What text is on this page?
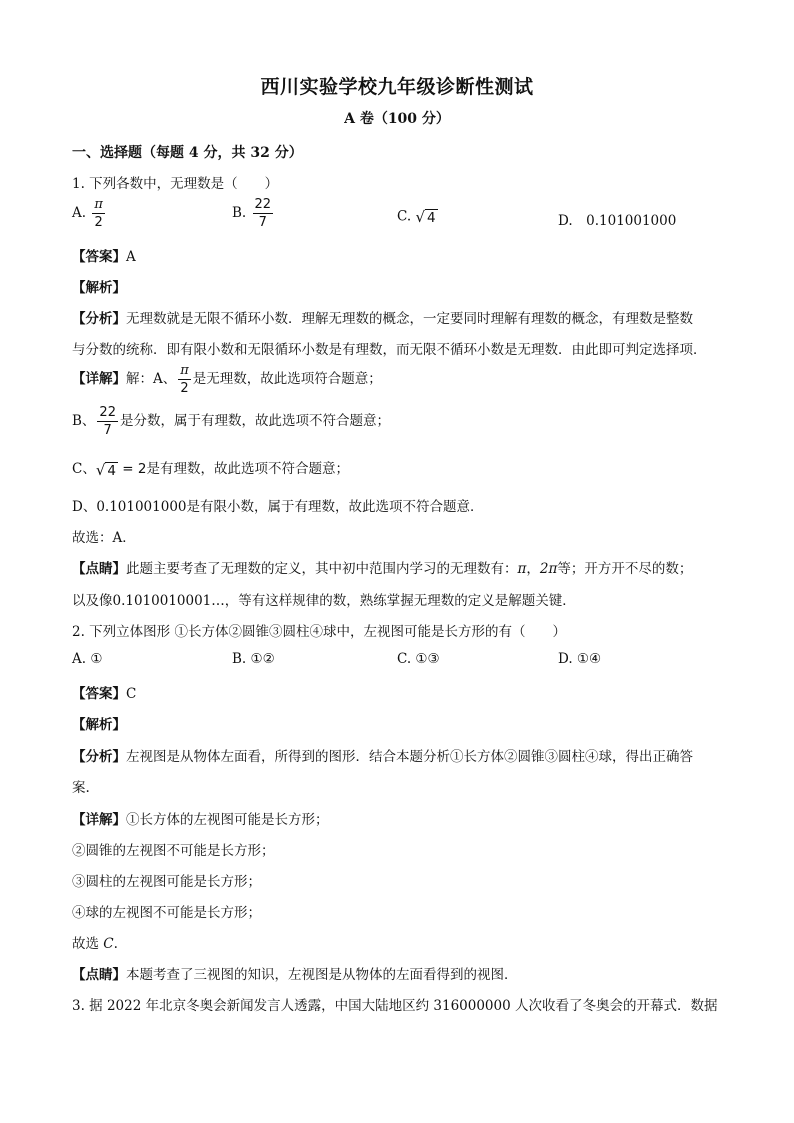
西川实验学校九年级诊断性测试
A 卷（100 分）
一、选择题（每题 4 分，共 32 分）
1. 下列各数中，无理数是（　　）
A. $\frac{\pi}{2}$	B. $\frac{22}{7}$	C. √ 4	D.　0.101001000
【答案】A
【解析】
【分析】无理数就是无限不循环小数．理解无理数的概念，一定要同时理解有理数的概念，有理数是整数
与分数的统称．即有限小数和无限循环小数是有理数，而无限不循环小数是无理数．由此即可判定选择项．
【详解】解：A、 $\frac{\pi}{2}$ 是无理数，故此选项符合题意；
B、 $\frac{22}{7}$ 是分数，属于有理数，故此选项不符合题意；
C、√ 4 = 2是有理数，故此选项不符合题意；
D、0.101001000是有限小数，属于有理数，故此选项不符合题意．
故选：A．
【点睛】此题主要考查了无理数的定义，其中初中范围内学习的无理数有：π，2π等；开方开不尽的数；
以及像0.1010010001…，等有这样规律的数，熟练掌握无理数的定义是解题关键．
2. 下列立体图形 ①长方体②圆锥③圆柱④球中，左视图可能是长方形的有（　　）
A. ①	B. ①②	C. ①③	D. ①④
【答案】C
【解析】
【分析】左视图是从物体左面看，所得到的图形．结合本题分析①长方体②圆锥③圆柱④球，得出正确答
案.
【详解】①长方体的左视图可能是长方形；
②圆锥的左视图不可能是长方形；
③圆柱的左视图可能是长方形；
④球的左视图不可能是长方形；
故选 C.
【点睛】本题考查了三视图的知识，左视图是从物体的左面看得到的视图．
3. 据 2022 年北京冬奥会新闻发言人透露，中国大陆地区约 316000000 人次收看了冬奥会的开幕式．数据
